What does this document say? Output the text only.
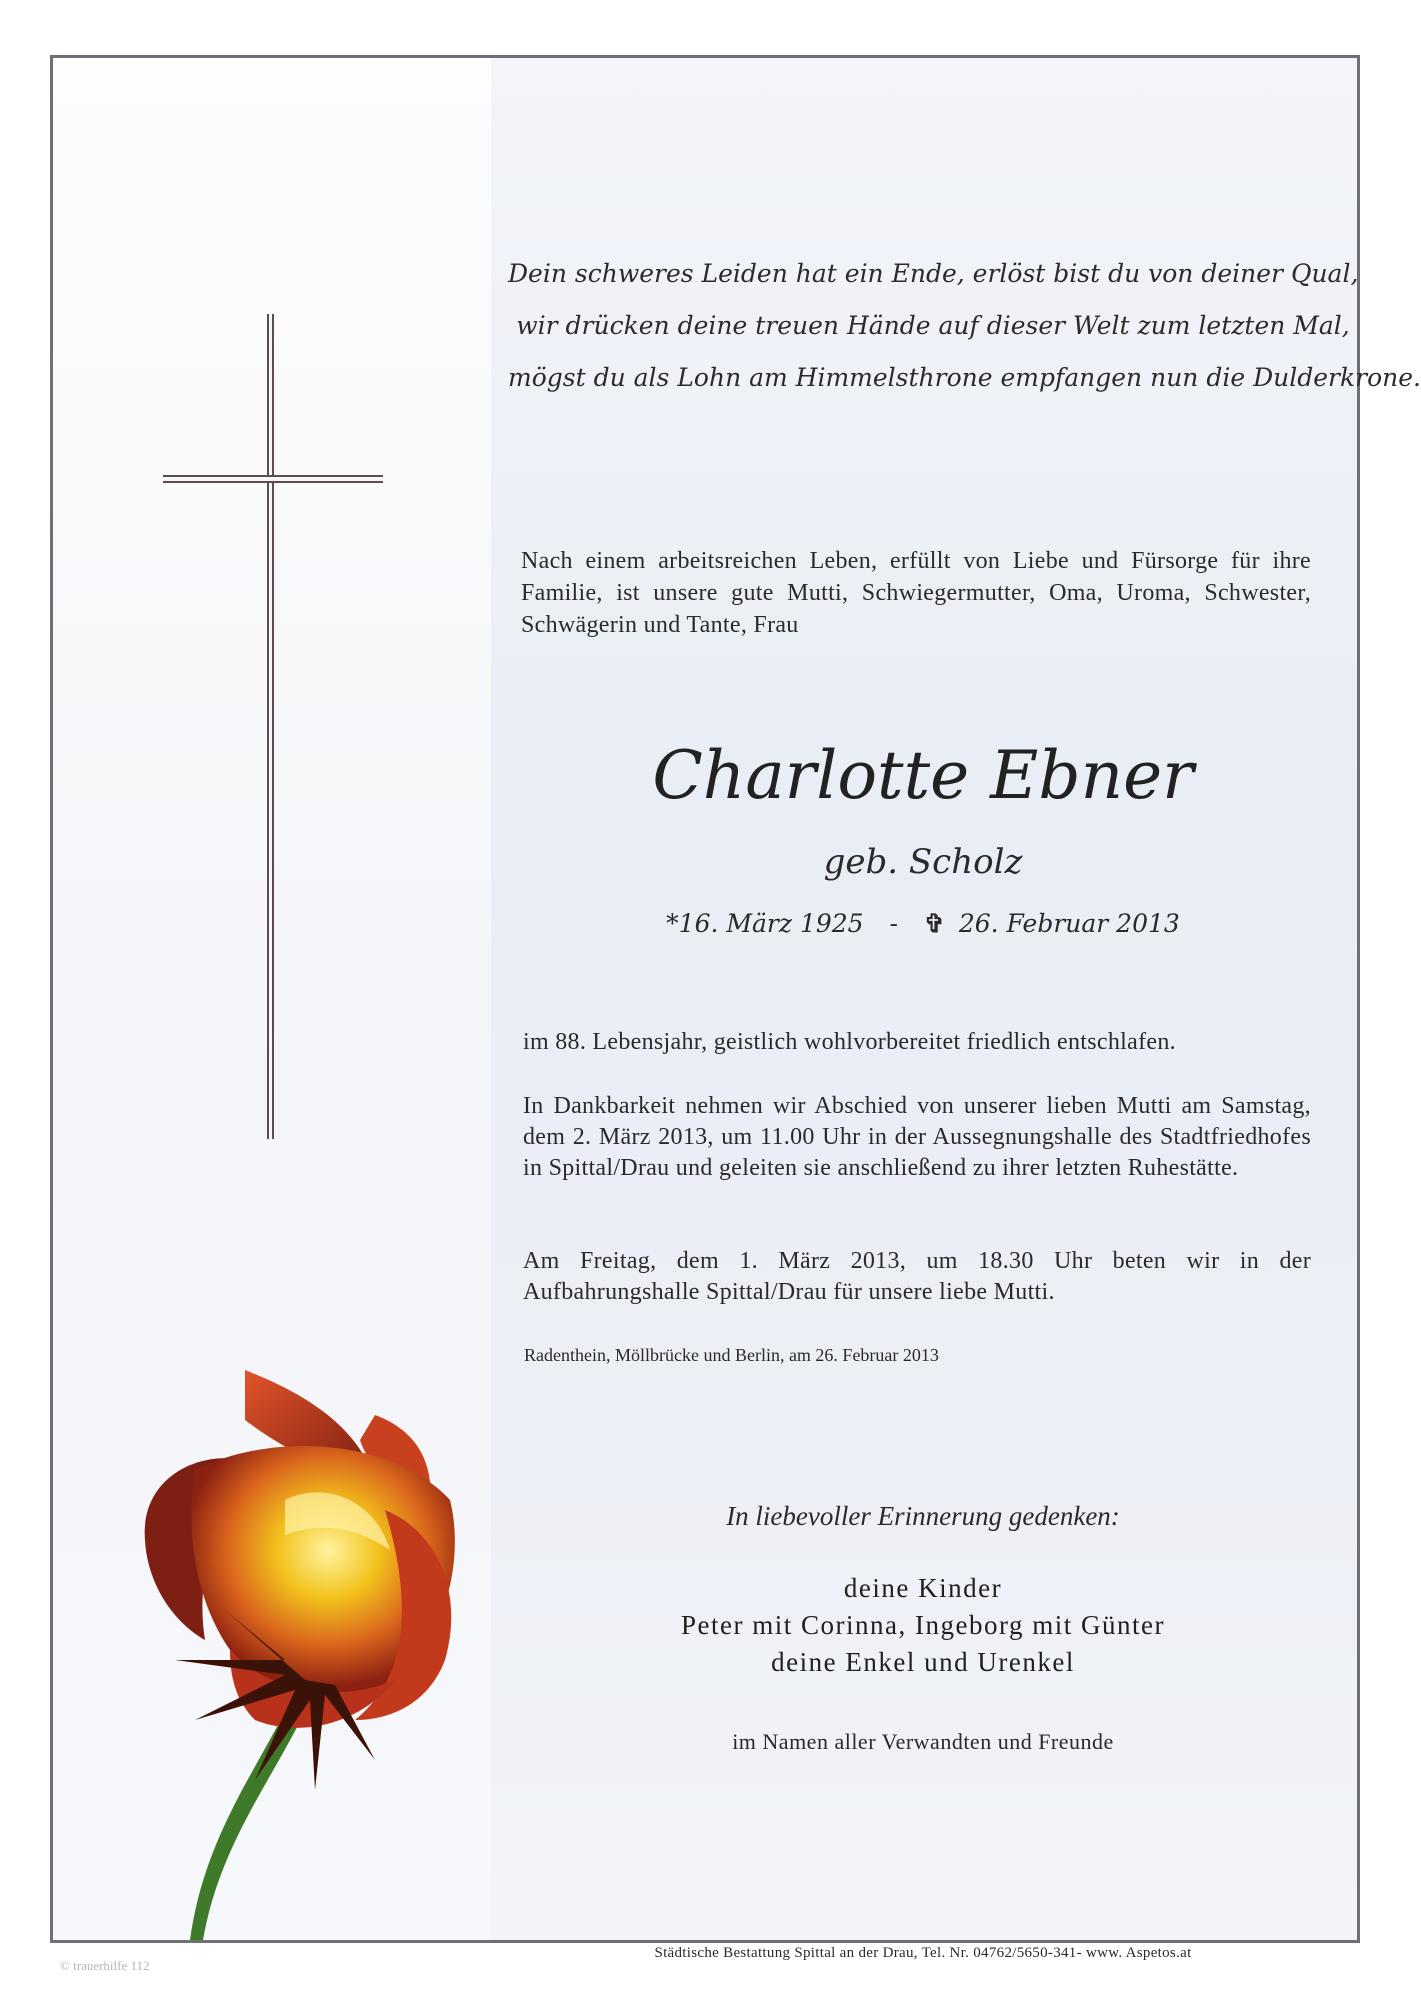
Dein schweres Leiden hat ein Ende, erlöst bist du von deiner Qual,
wir drücken deine treuen Hände auf dieser Welt zum letzten Mal,
mögst du als Lohn am Himmelsthrone empfangen nun die Dulderkrone.

Nach einem arbeitsreichen Leben, erfüllt von Liebe und Fürsorge für ihre Familie, ist unsere gute Mutti, Schwiegermutter, Oma, Uroma, Schwester, Schwägerin und Tante, Frau

Charlotte Ebner
geb. Scholz
*16. März 1925 - ✞ 26. Februar 2013

im 88. Lebensjahr, geistlich wohlvorbereitet friedlich entschlafen.

In Dankbarkeit nehmen wir Abschied von unserer lieben Mutti am Samstag, dem 2. März 2013, um 11.00 Uhr in der Aussegnungshalle des Stadtfriedhofes in Spittal/Drau und geleiten sie anschließend zu ihrer letzten Ruhestätte.

Am Freitag, dem 1. März 2013, um 18.30 Uhr beten wir in der Aufbahrungshalle Spittal/Drau für unsere liebe Mutti.

Radenthein, Möllbrücke und Berlin, am 26. Februar 2013
In liebevoller Erinnerung gedenken:
deine Kinder
Peter mit Corinna, Ingeborg mit Günter
deine Enkel und Urenkel
im Namen aller Verwandten und Freunde
Städtische Bestattung Spittal an der Drau, Tel. Nr. 04762/5650-341- www. Aspetos.at
© trauerhilfe 112
